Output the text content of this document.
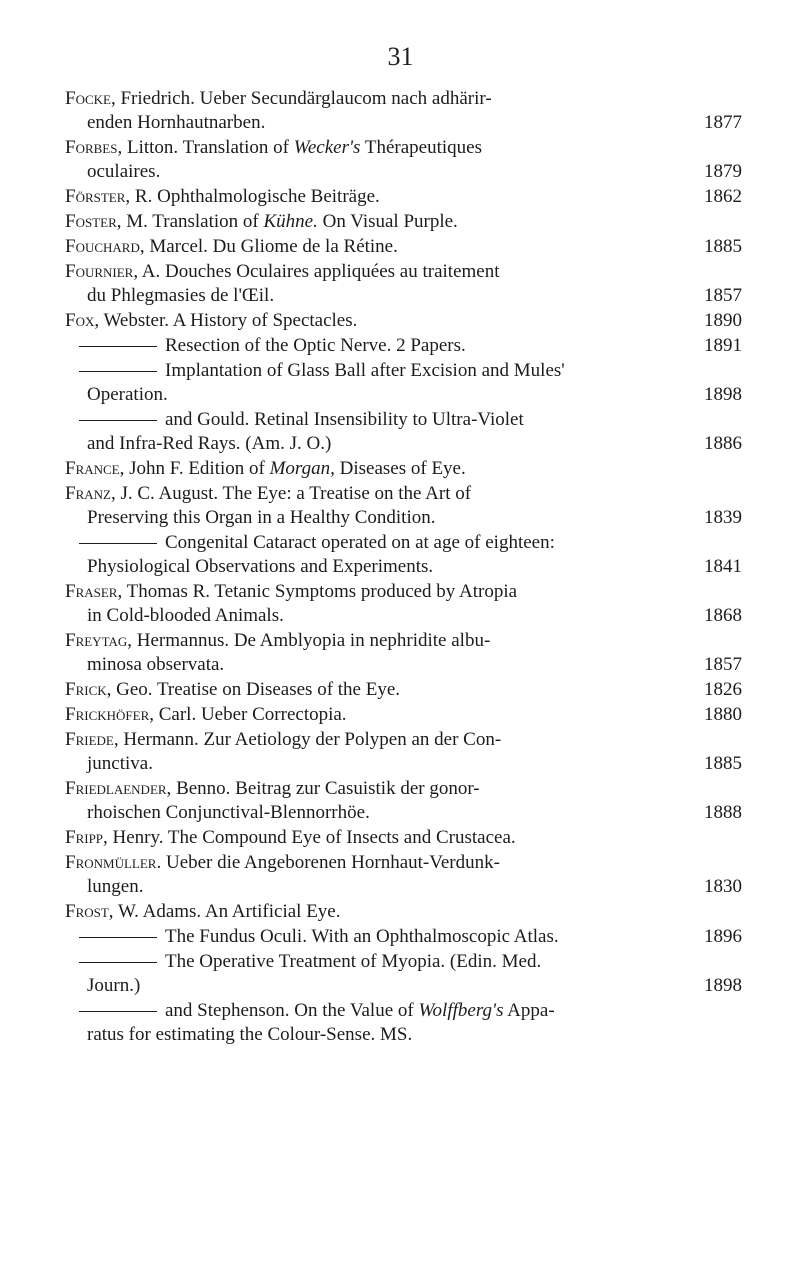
31
Focke, Friedrich. Ueber Secundärglaucom nach adhärir-
enden Hornhautnarben.	1877
Forbes, Litton. Translation of Wecker's Thérapeutiques
oculaires.	1879
Förster, R. Ophthalmologische Beiträge.	1862
Foster, M. Translation of Kühne. On Visual Purple.
Fouchard, Marcel. Du Gliome de la Rétine.	1885
Fournier, A. Douches Oculaires appliquées au traitement
du Phlegmasies de l'Œil.	1857
Fox, Webster. A History of Spectacles.	1890
Resection of the Optic Nerve. 2 Papers.	1891
Implantation of Glass Ball after Excision and Mules'
Operation.	1898
and Gould. Retinal Insensibility to Ultra-Violet
and Infra-Red Rays. (Am. J. O.)	1886
France, John F. Edition of Morgan, Diseases of Eye.
Franz, J. C. August. The Eye: a Treatise on the Art of
Preserving this Organ in a Healthy Condition.	1839
Congenital Cataract operated on at age of eighteen:
Physiological Observations and Experiments.	1841
Fraser, Thomas R. Tetanic Symptoms produced by Atropia
in Cold-blooded Animals.	1868
Freytag, Hermannus. De Amblyopia in nephridite albu-
minosa observata.	1857
Frick, Geo. Treatise on Diseases of the Eye.	1826
Frickhöfer, Carl. Ueber Correctopia.	1880
Friede, Hermann. Zur Aetiology der Polypen an der Con-
junctiva.	1885
Friedlaender, Benno. Beitrag zur Casuistik der gonor-
rhoischen Conjunctival-Blennorrhöe.	1888
Fripp, Henry. The Compound Eye of Insects and Crustacea.
Fronmüller. Ueber die Angeborenen Hornhaut-Verdunk-
lungen.	1830
Frost, W. Adams. An Artificial Eye.
The Fundus Oculi. With an Ophthalmoscopic Atlas.	1896
The Operative Treatment of Myopia. (Edin. Med.
Journ.)	1898
and Stephenson. On the Value of Wolffberg's Appa-
ratus for estimating the Colour-Sense. MS.
